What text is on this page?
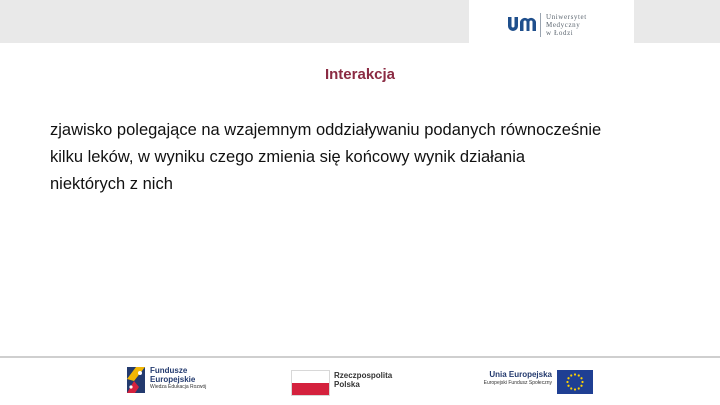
Uniwersytet
Medyczny
w Łodzi
Interakcja
zjawisko polegające na wzajemnym oddziaływaniu podanych równocześnie
kilku leków, w wyniku czego zmienia się końcowy wynik działania
niektórych z nich
Fundusze
Europejskie
Wiedza Edukacja Rozwój
Rzeczpospolita
Polska
Unia Europejska
Europejski Fundusz Społeczny
